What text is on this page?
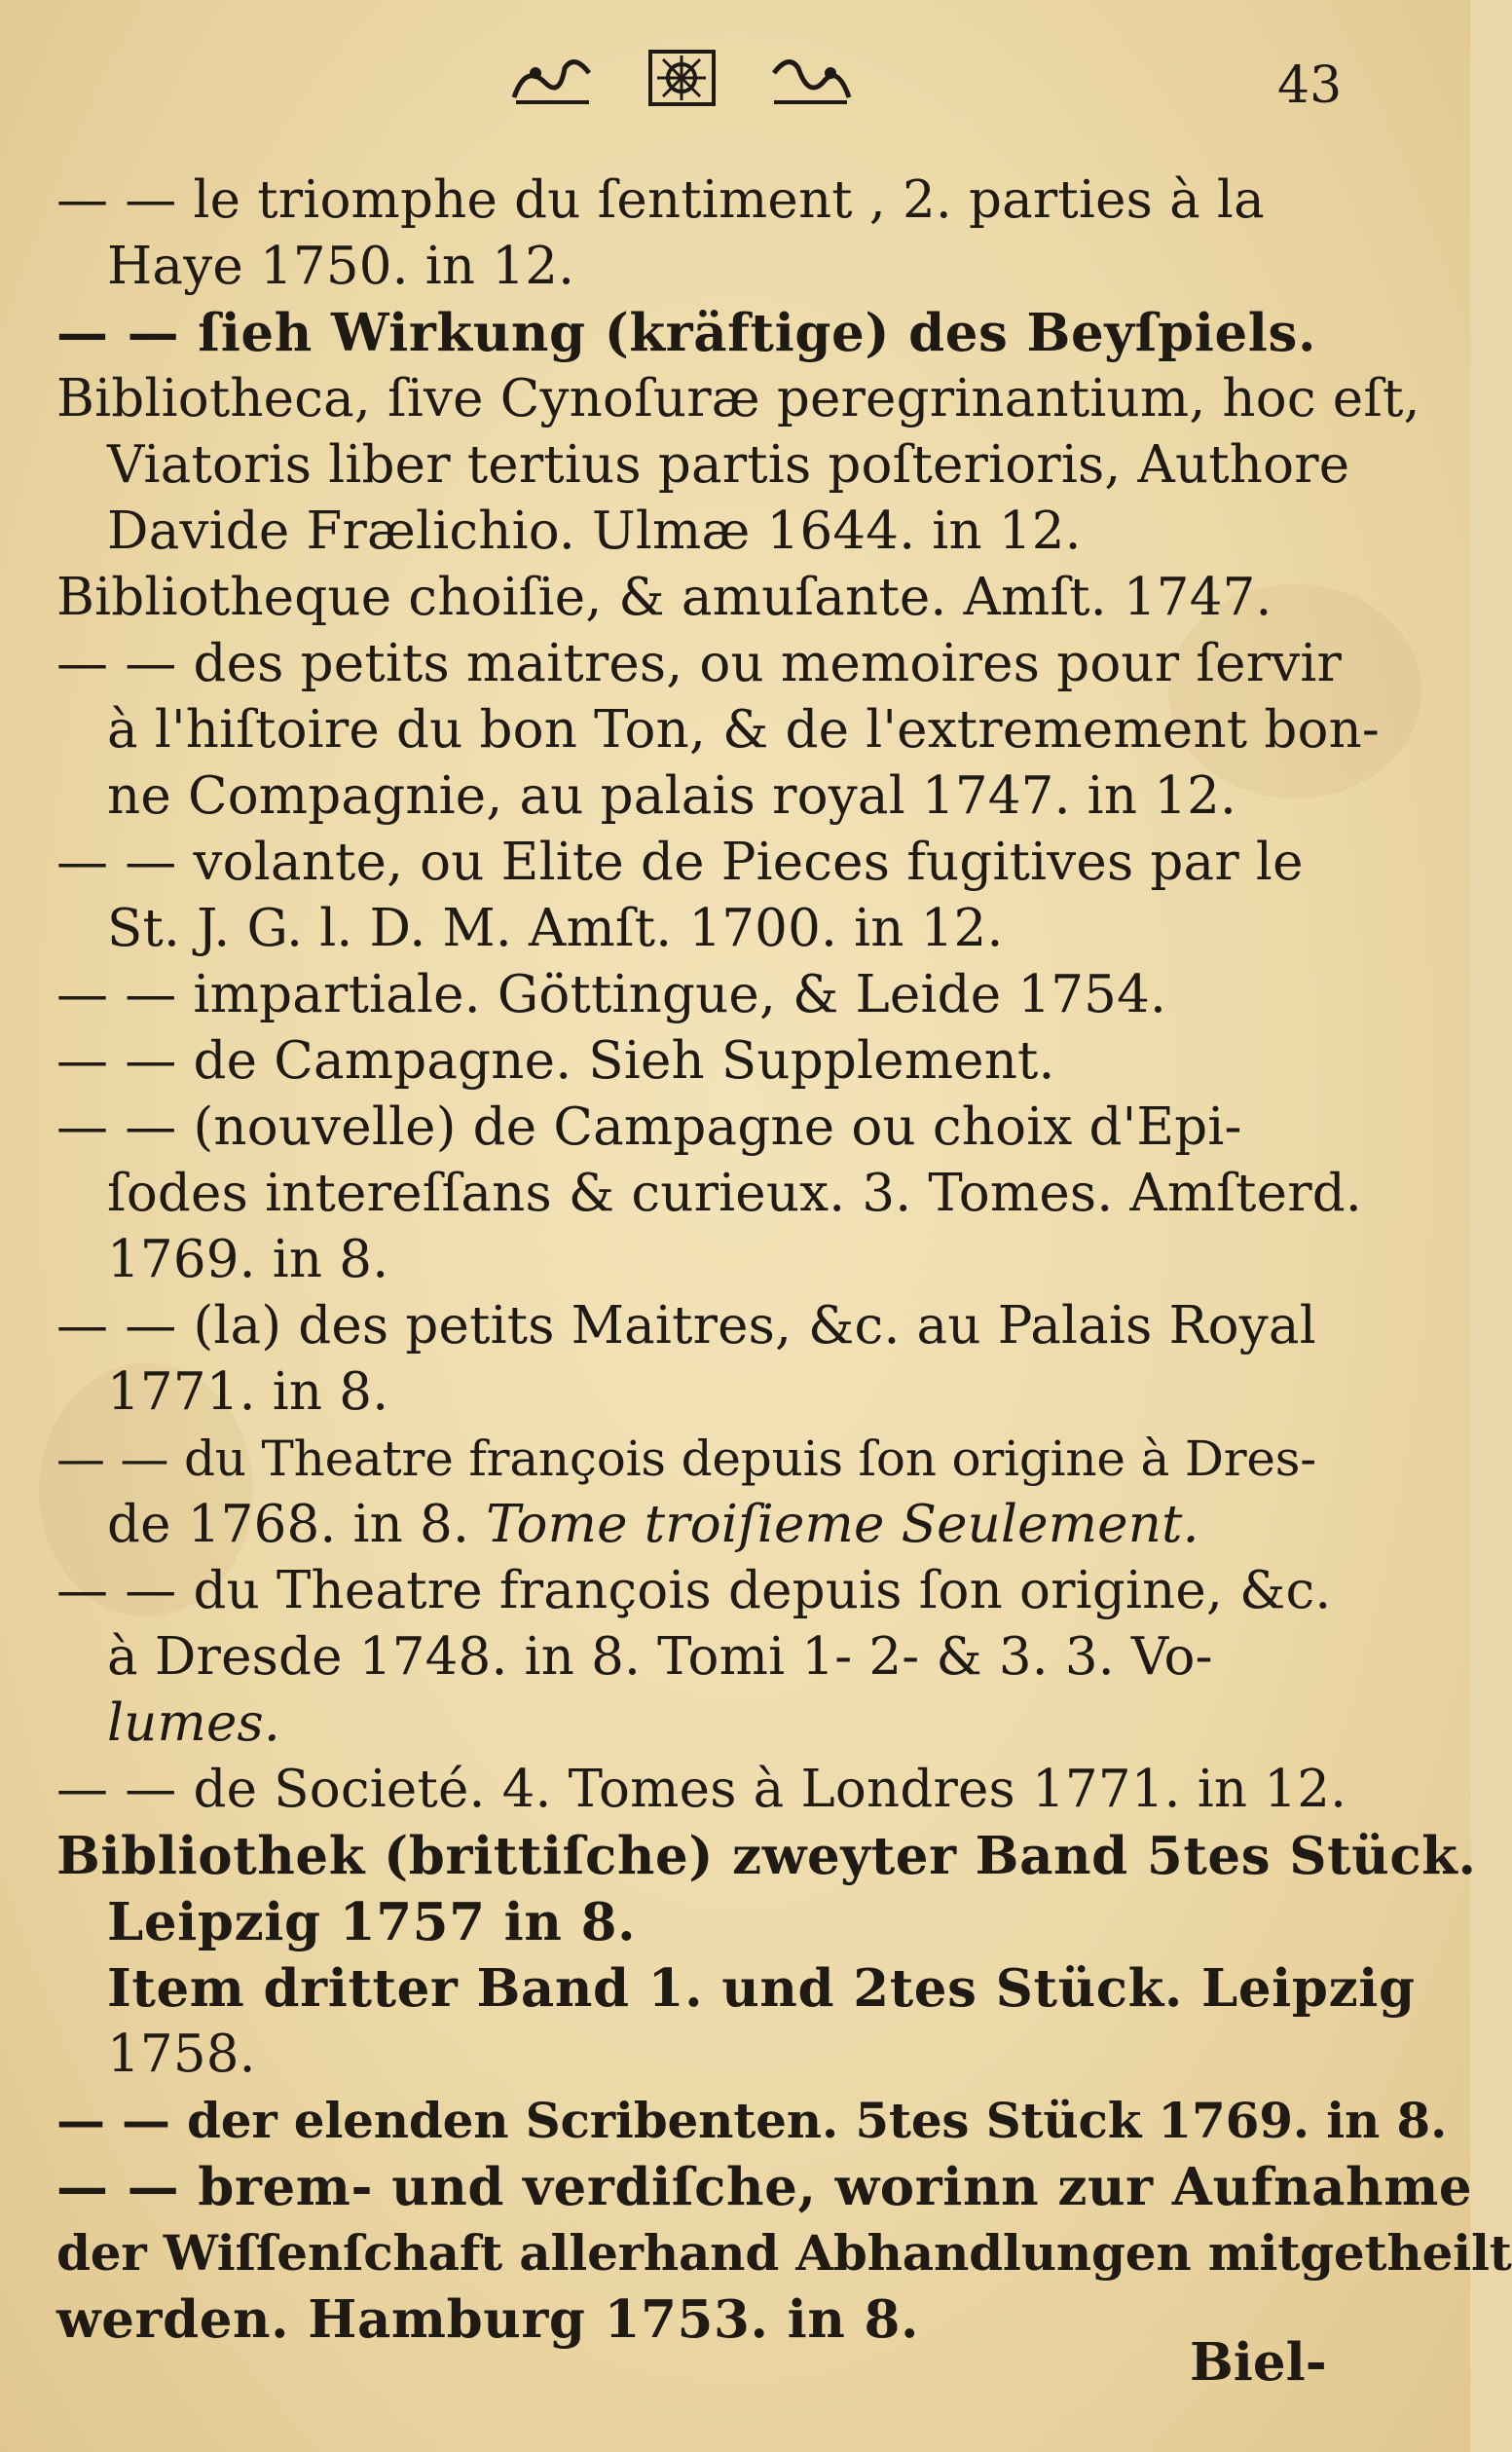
43
— — le triomphe du ſentiment , 2. parties à la
Haye 1750. in 12.
— — ſieh Wirkung (kräftige) des Beyſpiels.
Bibliotheca, ſive Cynoſuræ peregrinantium, hoc eſt,
Viatoris liber tertius partis poſterioris, Authore
Davide Frælichio. Ulmæ 1644. in 12.
Bibliotheque choiſie, & amuſante. Amſt. 1747.
— — des petits maitres, ou memoires pour ſervir
à l'hiſtoire du bon Ton, & de l'extremement bon-
ne Compagnie, au palais royal 1747. in 12.
— — volante, ou Elite de Pieces fugitives par le
St. J. G. l. D. M. Amſt. 1700. in 12.
— — impartiale. Göttingue, & Leide 1754.
— — de Campagne. Sieh Supplement.
— — (nouvelle) de Campagne ou choix d'Epi-
ſodes intereſſans & curieux. 3. Tomes. Amſterd.
1769. in 8.
— — (la) des petits Maitres, &c. au Palais Royal
1771. in 8.
— — du Theatre françois depuis ſon origine à Dres-
de 1768. in 8. Tome troiſieme Seulement.
— — du Theatre françois depuis ſon origine, &c.
à Dresde 1748. in 8. Tomi 1- 2- & 3. 3. Vo-
lumes.
— — de Societé. 4. Tomes à Londres 1771. in 12.
Bibliothek (brittiſche) zweyter Band 5tes Stück.
Leipzig 1757 in 8.
Item dritter Band 1. und 2tes Stück. Leipzig
1758.
— — der elenden Scribenten. 5tes Stück 1769. in 8.
— — brem- und verdiſche, worinn zur Aufnahme
der Wiſſenſchaft allerhand Abhandlungen mitgetheilt
werden. Hamburg 1753. in 8.
Biel-
